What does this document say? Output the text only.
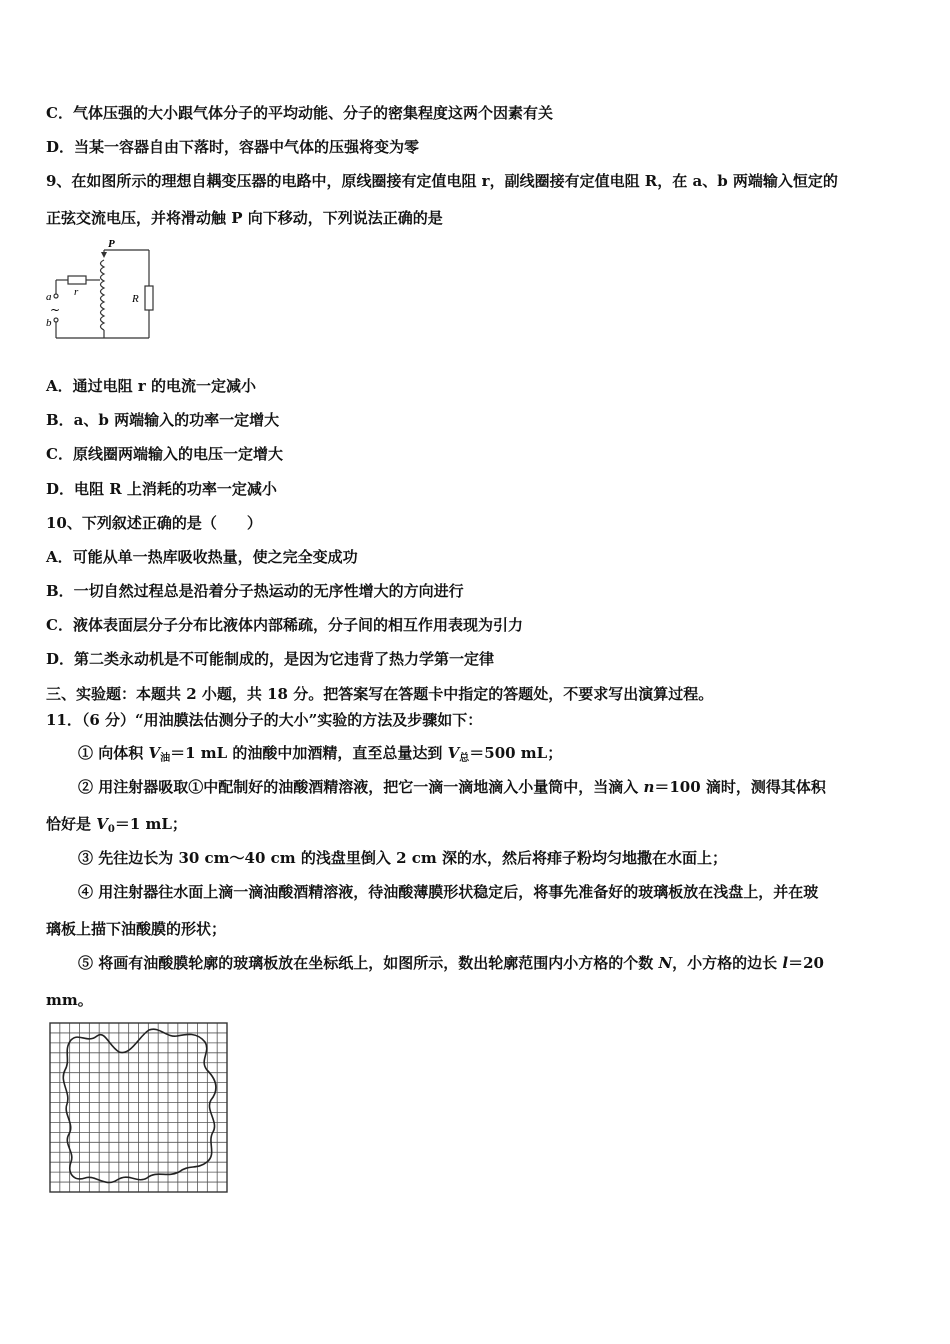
C．气体压强的大小跟气体分子的平均动能、分子的密集程度这两个因素有关
D．当某一容器自由下落时，容器中气体的压强将变为零
9、在如图所示的理想自耦变压器的电路中，原线圈接有定值电阻 r，副线圈接有定值电阻 R，在 a、b 两端输入恒定的
正弦交流电压，并将滑动触 P 向下移动，下列说法正确的是
R
P
r
a
~
b
A．通过电阻 r 的电流一定减小
B．a、b 两端输入的功率一定增大
C．原线圈两端输入的电压一定增大
D．电阻 R 上消耗的功率一定减小
10、下列叙述正确的是（　　）
A．可能从单一热库吸收热量，使之完全变成功
B．一切自然过程总是沿着分子热运动的无序性增大的方向进行
C．液体表面层分子分布比液体内部稀疏，分子间的相互作用表现为引力
D．第二类永动机是不可能制成的，是因为它违背了热力学第一定律
三、实验题：本题共 2 小题，共 18 分。把答案写在答题卡中指定的答题处，不要求写出演算过程。
11．（6 分）“用油膜法估测分子的大小”实验的方法及步骤如下：
① 向体积 $V_油=1$ mL 的油酸中加酒精，直至总量达到 $V_总=500$ mL；
② 用注射器吸取①中配制好的油酸酒精溶液，把它一滴一滴地滴入小量筒中，当滴入 n＝100 滴时，测得其体积
恰好是 $V_0=1$ mL；
③ 先往边长为 30 cm～40 cm 的浅盘里倒入 2 cm 深的水，然后将痱子粉均匀地撒在水面上；
④ 用注射器往水面上滴一滴油酸酒精溶液，待油酸薄膜形状稳定后，将事先准备好的玻璃板放在浅盘上，并在玻
璃板上描下油酸膜的形状；
⑤ 将画有油酸膜轮廓的玻璃板放在坐标纸上，如图所示，数出轮廓范围内小方格的个数 N，小方格的边长 l＝20
mm。
